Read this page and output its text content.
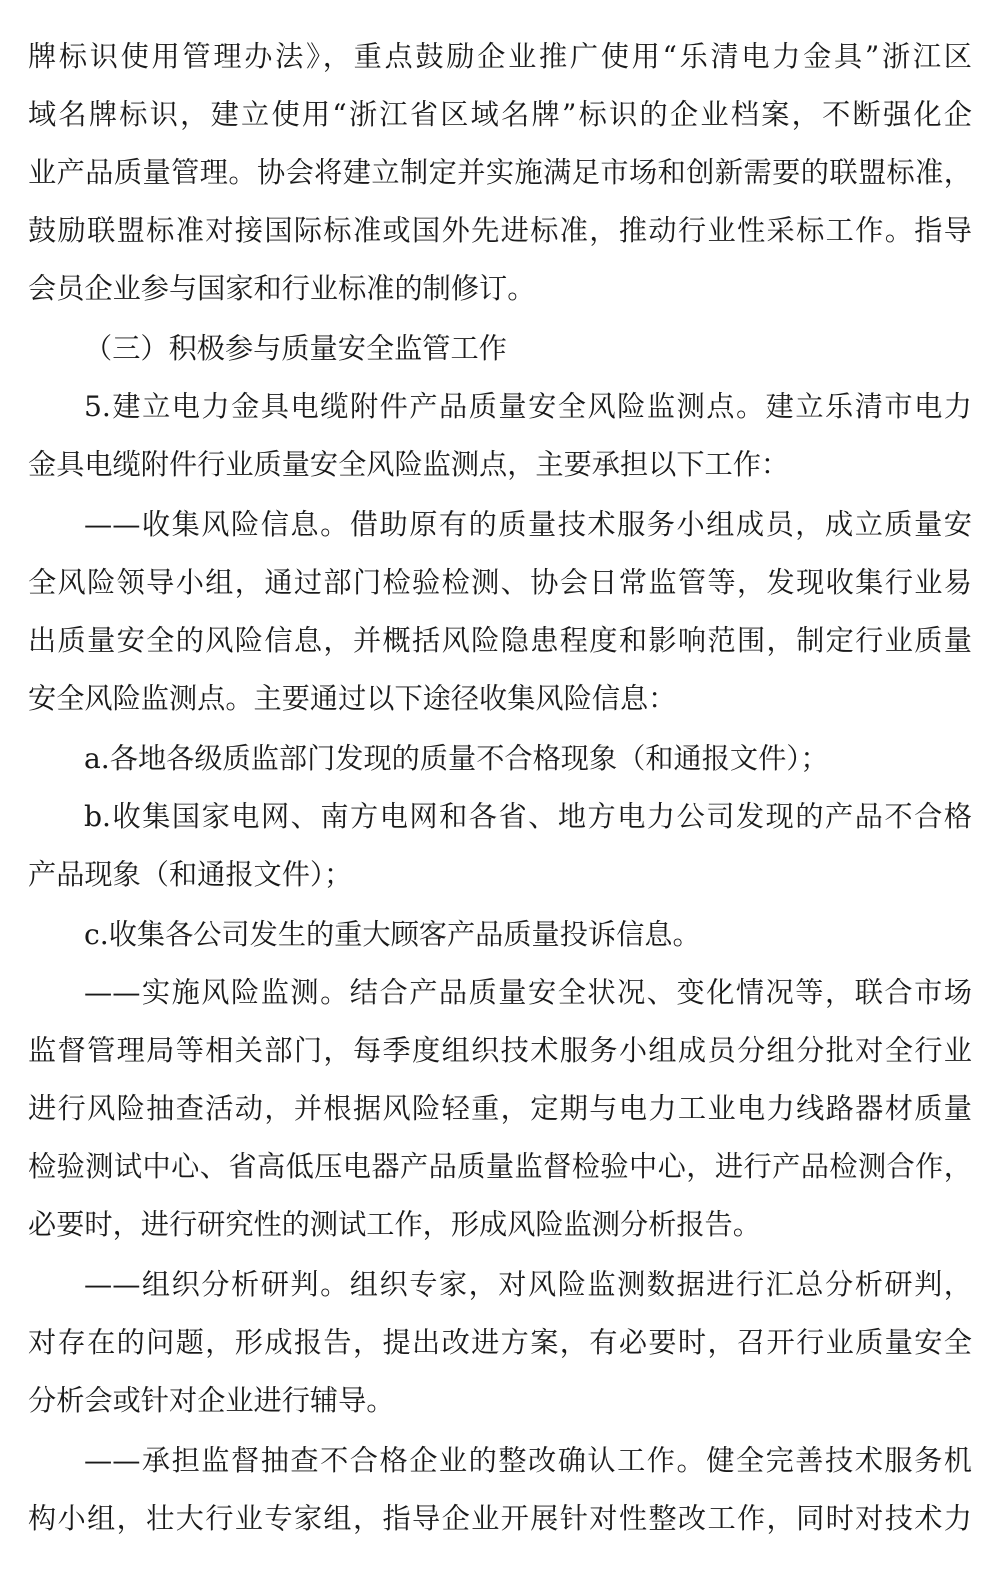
牌标识使用管理办法》，重点鼓励企业推广使用“乐清电力金具”浙江区
域名牌标识，建立使用“浙江省区域名牌”标识的企业档案，不断强化企
业产品质量管理。协会将建立制定并实施满足市场和创新需要的联盟标准，
鼓励联盟标准对接国际标准或国外先进标准，推动行业性采标工作。指导
会员企业参与国家和行业标准的制修订。
（三）积极参与质量安全监管工作
5.建立电力金具电缆附件产品质量安全风险监测点。建立乐清市电力
金具电缆附件行业质量安全风险监测点，主要承担以下工作：
——收集风险信息。借助原有的质量技术服务小组成员，成立质量安
全风险领导小组，通过部门检验检测、协会日常监管等，发现收集行业易
出质量安全的风险信息，并概括风险隐患程度和影响范围，制定行业质量
安全风险监测点。主要通过以下途径收集风险信息：
a.各地各级质监部门发现的质量不合格现象（和通报文件）；
b.收集国家电网、南方电网和各省、地方电力公司发现的产品不合格
产品现象（和通报文件）；
c.收集各公司发生的重大顾客产品质量投诉信息。
——实施风险监测。结合产品质量安全状况、变化情况等，联合市场
监督管理局等相关部门，每季度组织技术服务小组成员分组分批对全行业
进行风险抽查活动，并根据风险轻重，定期与电力工业电力线路器材质量
检验测试中心、省高低压电器产品质量监督检验中心，进行产品检测合作，
必要时，进行研究性的测试工作，形成风险监测分析报告。
——组织分析研判。组织专家，对风险监测数据进行汇总分析研判，
对存在的问题，形成报告，提出改进方案，有必要时，召开行业质量安全
分析会或针对企业进行辅导。
——承担监督抽查不合格企业的整改确认工作。健全完善技术服务机
构小组，壮大行业专家组，指导企业开展针对性整改工作，同时对技术力
